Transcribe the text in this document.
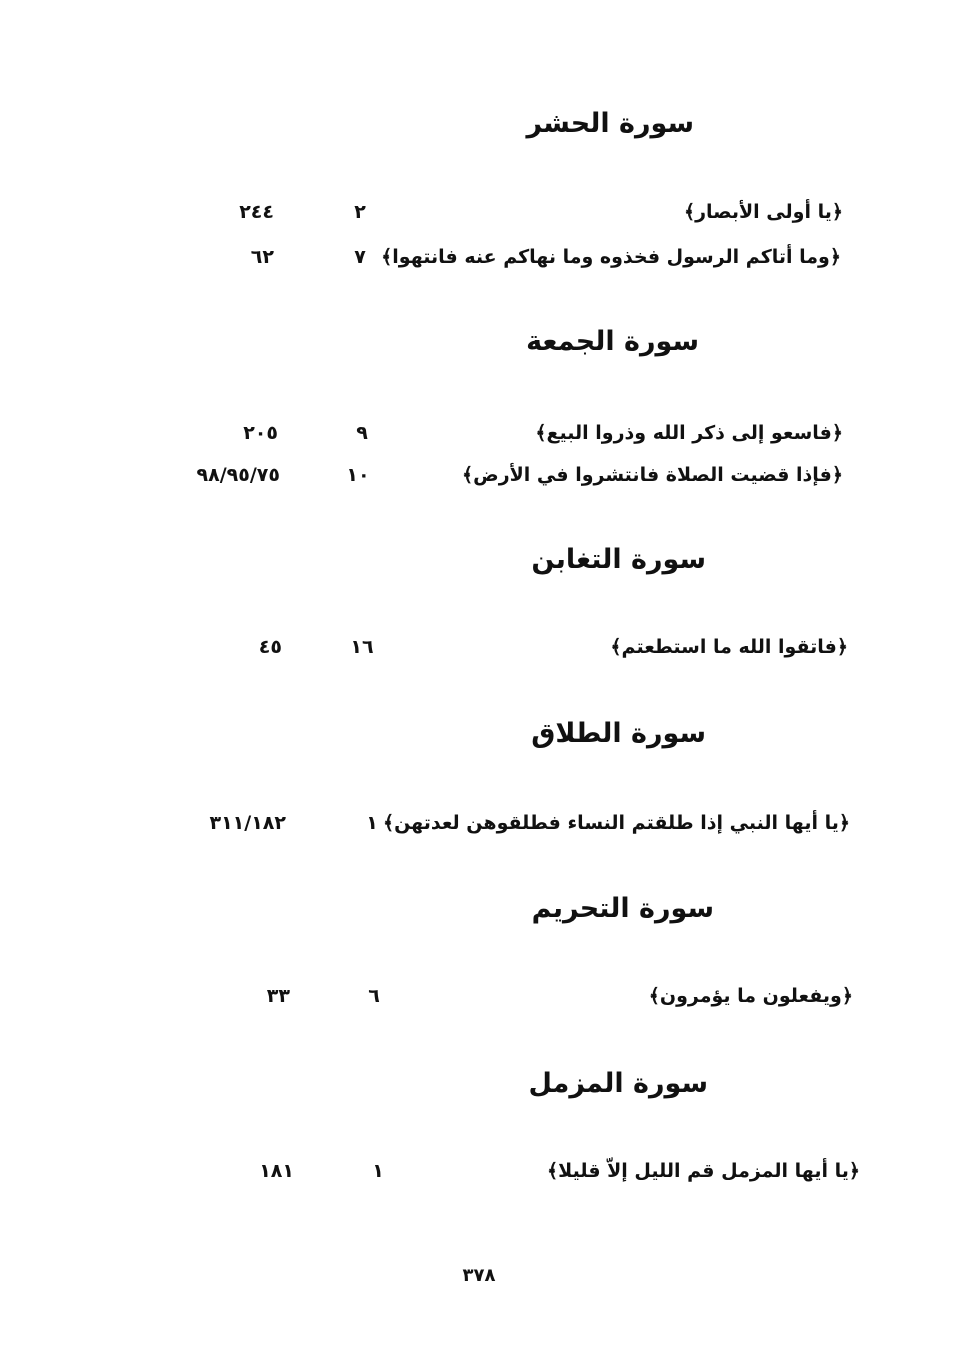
سورة الحشر
﴿يا أولى الأبصار﴾
٢
٢٤٤
﴿وما أتاكم الرسول فخذوه وما نهاكم عنه فانتهوا﴾
٧
٦٢
سورة الجمعة
﴿فاسعو إلى ذكر الله وذروا البيع﴾
٩
٢٠٥
﴿فإذا قضيت الصلاة فانتشروا في الأرض﴾
١٠
٩٨/٩٥/٧٥
سورة التغابن
﴿فاتقوا الله ما استطعتم﴾
١٦
٤٥
سورة الطلاق
﴿يا أيها النبي إذا طلقتم النساء فطلقوهن لعدتهن﴾
١
٣١١/١٨٢
سورة التحريم
﴿ويفعلون ما يؤمرون﴾
٦
٣٣
سورة المزمل
﴿يا أيها المزمل قم الليل إلاّ قليلا﴾
١
١٨١
٣٧٨
